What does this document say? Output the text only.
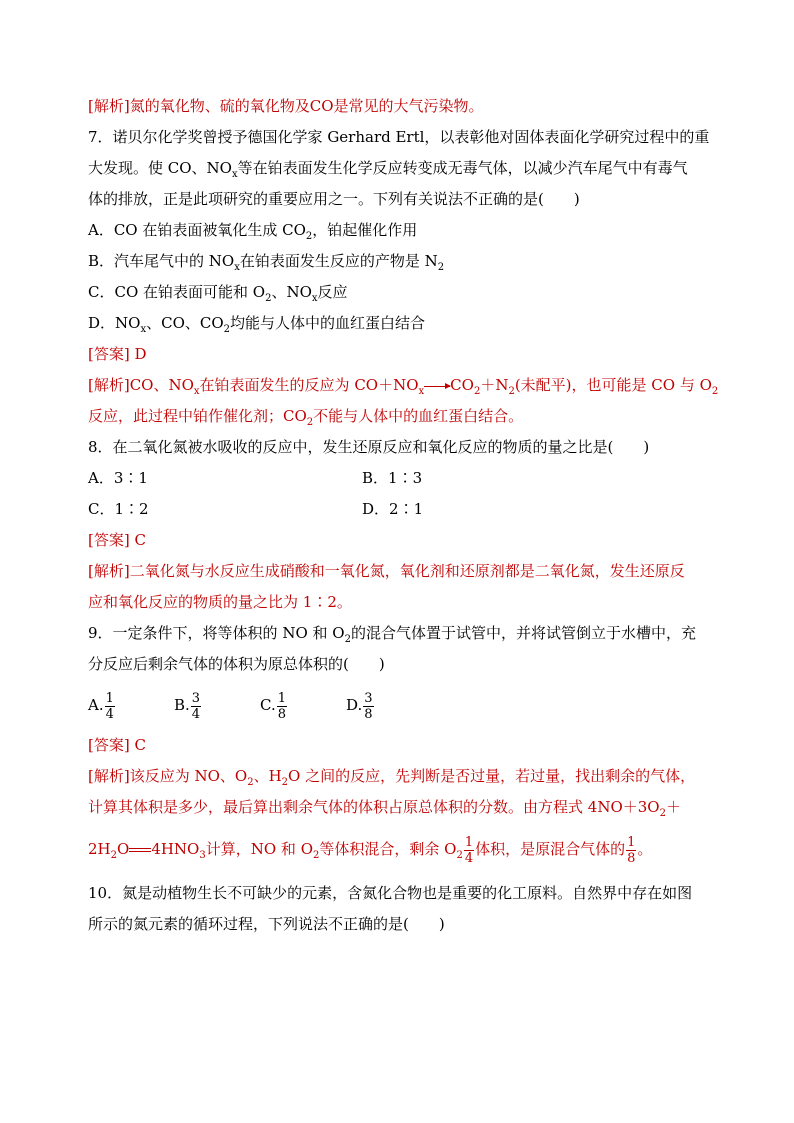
[解析]氮的氧化物、硫的氧化物及CO是常见的大气污染物。
7．诺贝尔化学奖曾授予德国化学家 Gerhard Ertl，以表彰他对固体表面化学研究过程中的重
大发现。使 CO、$NO_x$等在铂表面发生化学反应转变成无毒气体，以减少汽车尾气中有毒气
体的排放，正是此项研究的重要应用之一。下列有关说法不正确的是(　　)
A．CO 在铂表面被氧化生成 $CO_2$，铂起催化作用
B．汽车尾气中的 $NO_x$在铂表面发生反应的产物是 $N_2$
C．CO 在铂表面可能和 $O_2$、$NO_x$反应
D．$NO_x$、CO、$CO_2$均能与人体中的血红蛋白结合
[答案] D
[解析]CO、$NO_x$在铂表面发生的反应为 $CO+NO_x\to CO_2+N_2$(未配平)，也可能是 CO 与 $O_2$
反应，此过程中铂作催化剂；$CO_2$不能与人体中的血红蛋白结合。
8．在二氧化氮被水吸收的反应中，发生还原反应和氧化反应的物质的量之比是(　　)
A．3∶1	B．1∶3
C．1∶2	D．2∶1
[答案] C
[解析]二氧化氮与水反应生成硝酸和一氧化氮，氧化剂和还原剂都是二氧化氮，发生还原反
应和氧化反应的物质的量之比为 1∶2。
9．一定条件下，将等体积的 NO 和 $O_2$的混合气体置于试管中，并将试管倒立于水槽中，充
分反应后剩余气体的体积为原总体积的(　　)
A. $\frac{1}{4}$	B. $\frac{3}{4}$	C. $\frac{1}{8}$	D. $\frac{3}{8}$
[答案] C
[解析]该反应为 NO、$O_2$、$H_2O$ 之间的反应，先判断是否过量，若过量，找出剩余的气体，
计算其体积是多少，最后算出剩余气体的体积占原总体积的分数。由方程式 $4NO+3O_2+$
$2H_2O$ $4HNO_3$计算，NO 和 $O_2$等体积混合，剩余 $O_2 \frac{1}{4}$ 体积，是原混合气体的 $\frac{1}{8}$ 。
10．氮是动植物生长不可缺少的元素，含氮化合物也是重要的化工原料。自然界中存在如图
所示的氮元素的循环过程，下列说法不正确的是(　　)
